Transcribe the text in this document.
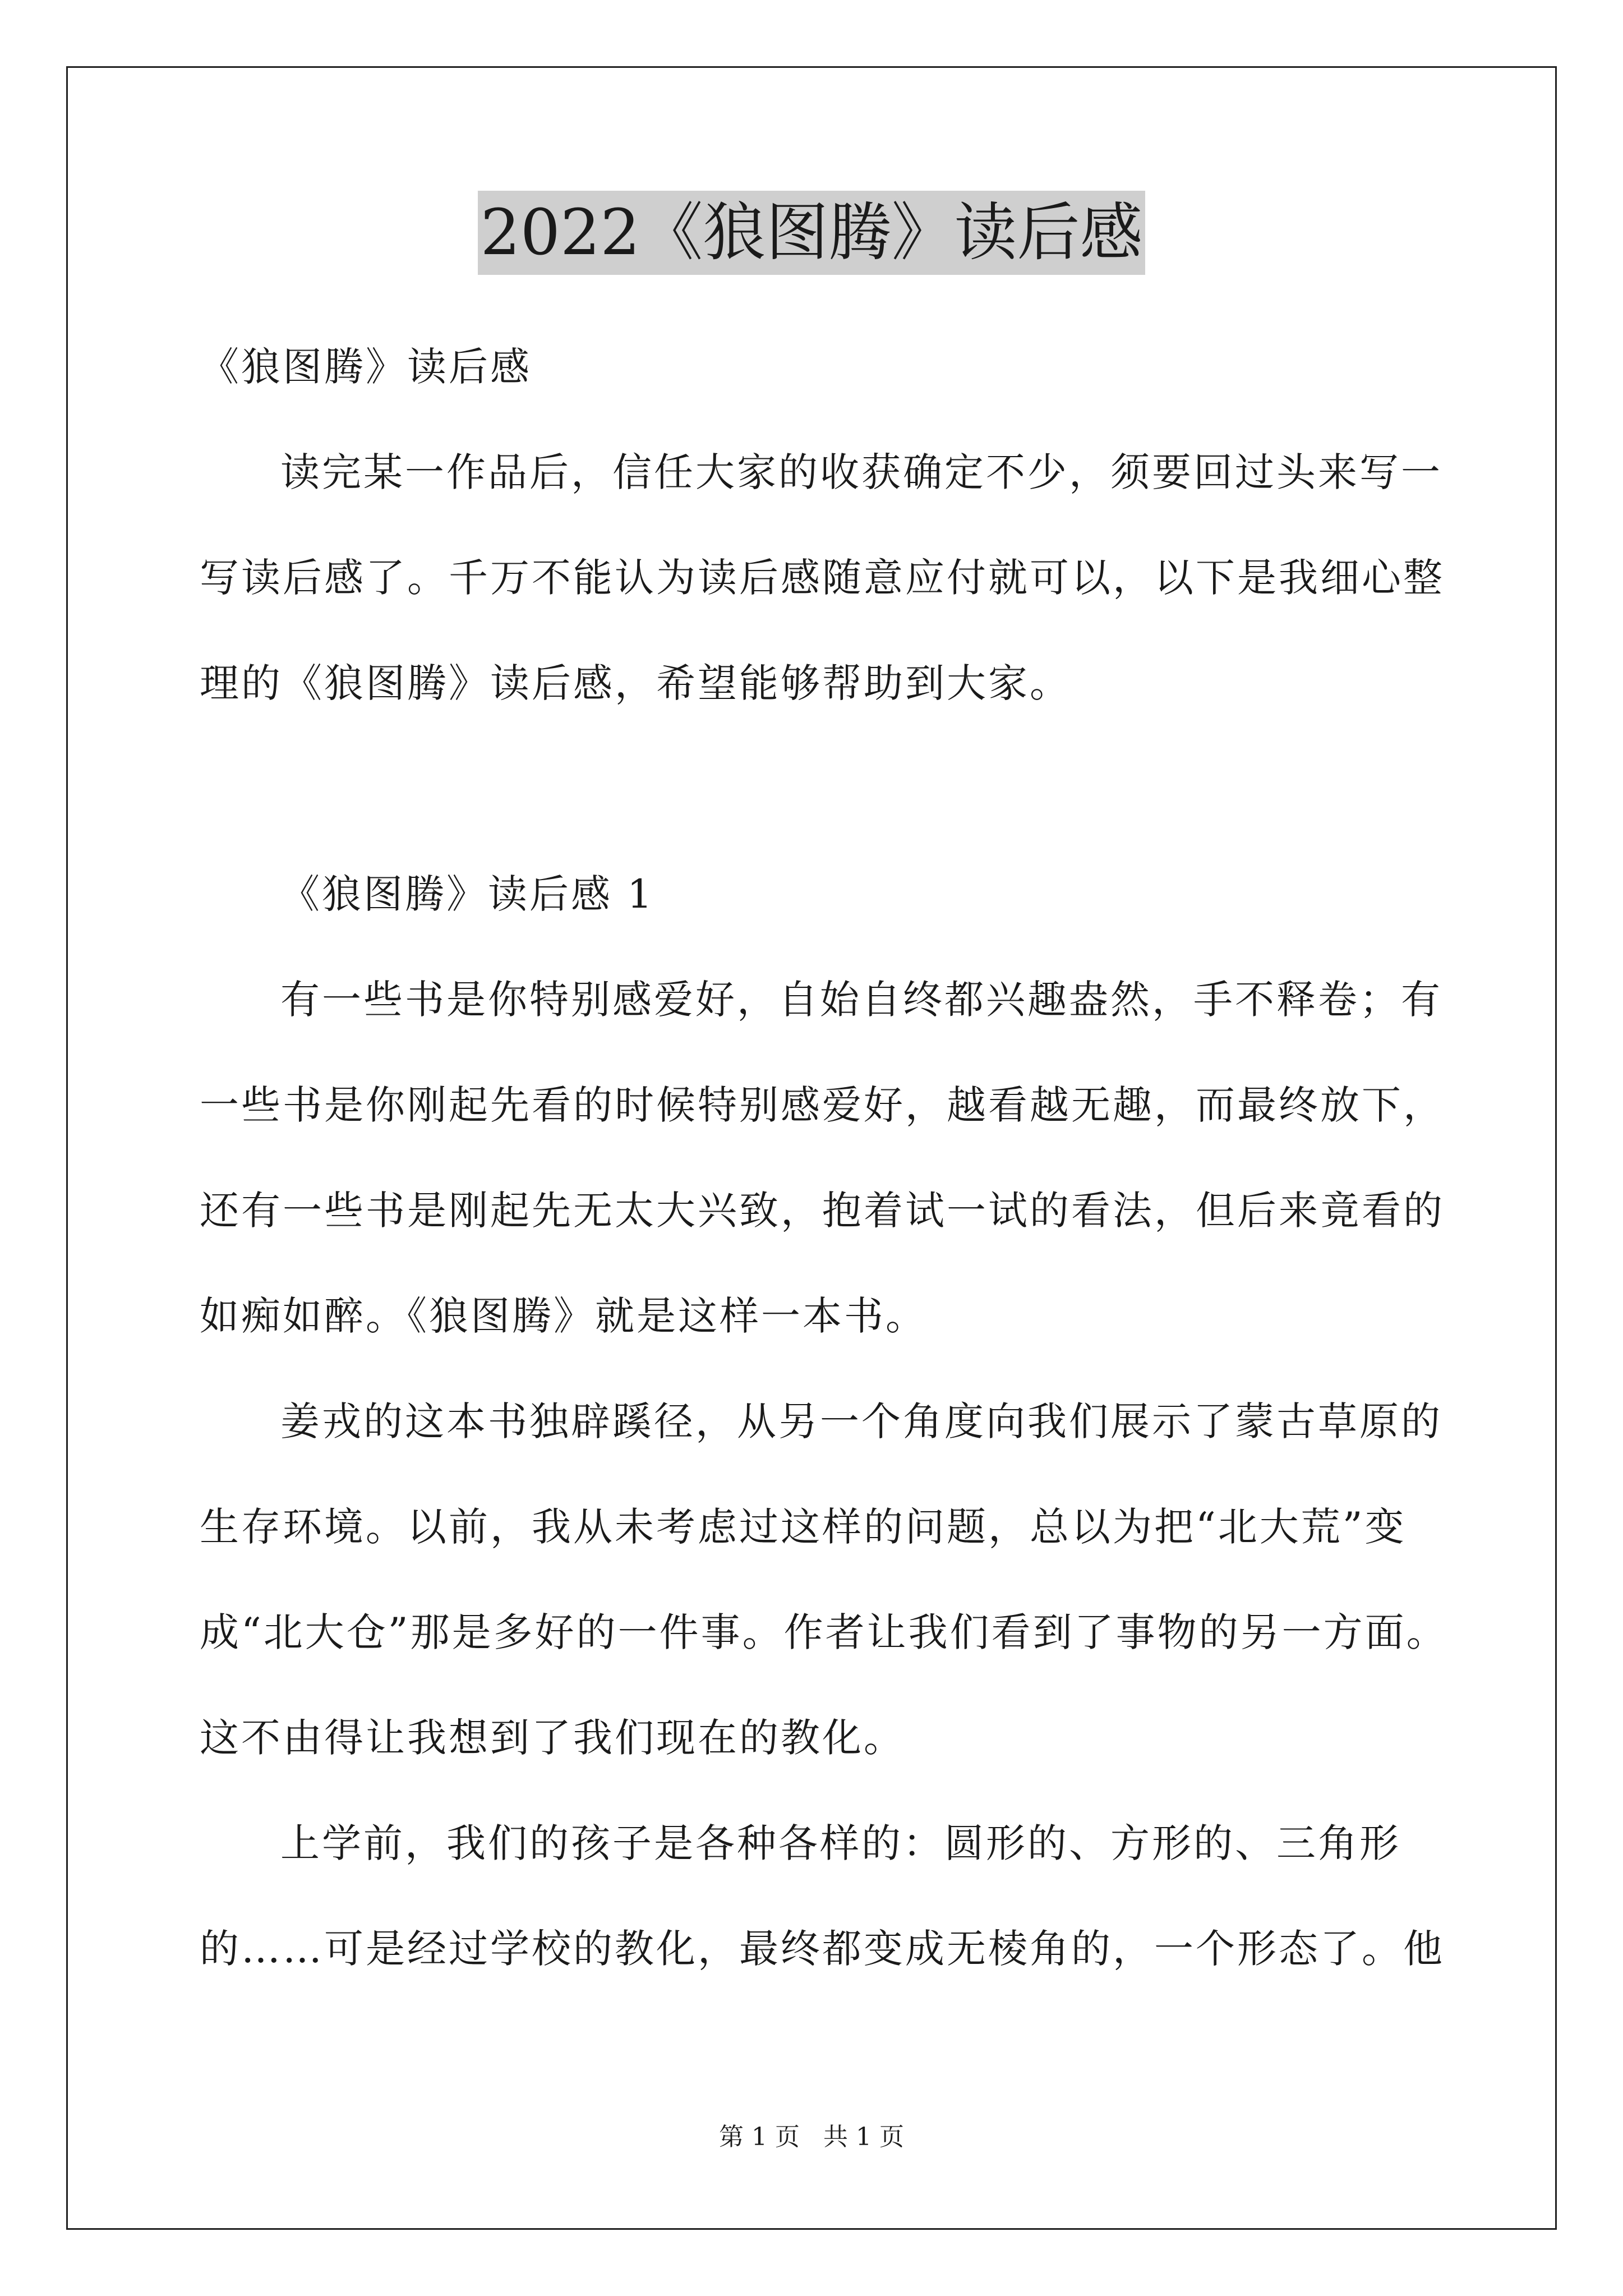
2022《狼图腾》读后感
《狼图腾》读后感
读完某一作品后，信任大家的收获确定不少，须要回过头来写一
写读后感了。千万不能认为读后感随意应付就可以，以下是我细心整
理的《狼图腾》读后感，希望能够帮助到大家。
《狼图腾》读后感 1
有一些书是你特别感爱好，自始自终都兴趣盎然，手不释卷；有
一些书是你刚起先看的时候特别感爱好，越看越无趣，而最终放下，
还有一些书是刚起先无太大兴致，抱着试一试的看法，但后来竟看的
如痴如醉。《狼图腾》就是这样一本书。
姜戎的这本书独辟蹊径，从另一个角度向我们展示了蒙古草原的
生存环境。以前，我从未考虑过这样的问题，总以为把“北大荒”变
成“北大仓”那是多好的一件事。作者让我们看到了事物的另一方面。
这不由得让我想到了我们现在的教化。
上学前，我们的孩子是各种各样的：圆形的、方形的、三角形
的……可是经过学校的教化，最终都变成无棱角的，一个形态了。他
第 1 页 共 1 页
